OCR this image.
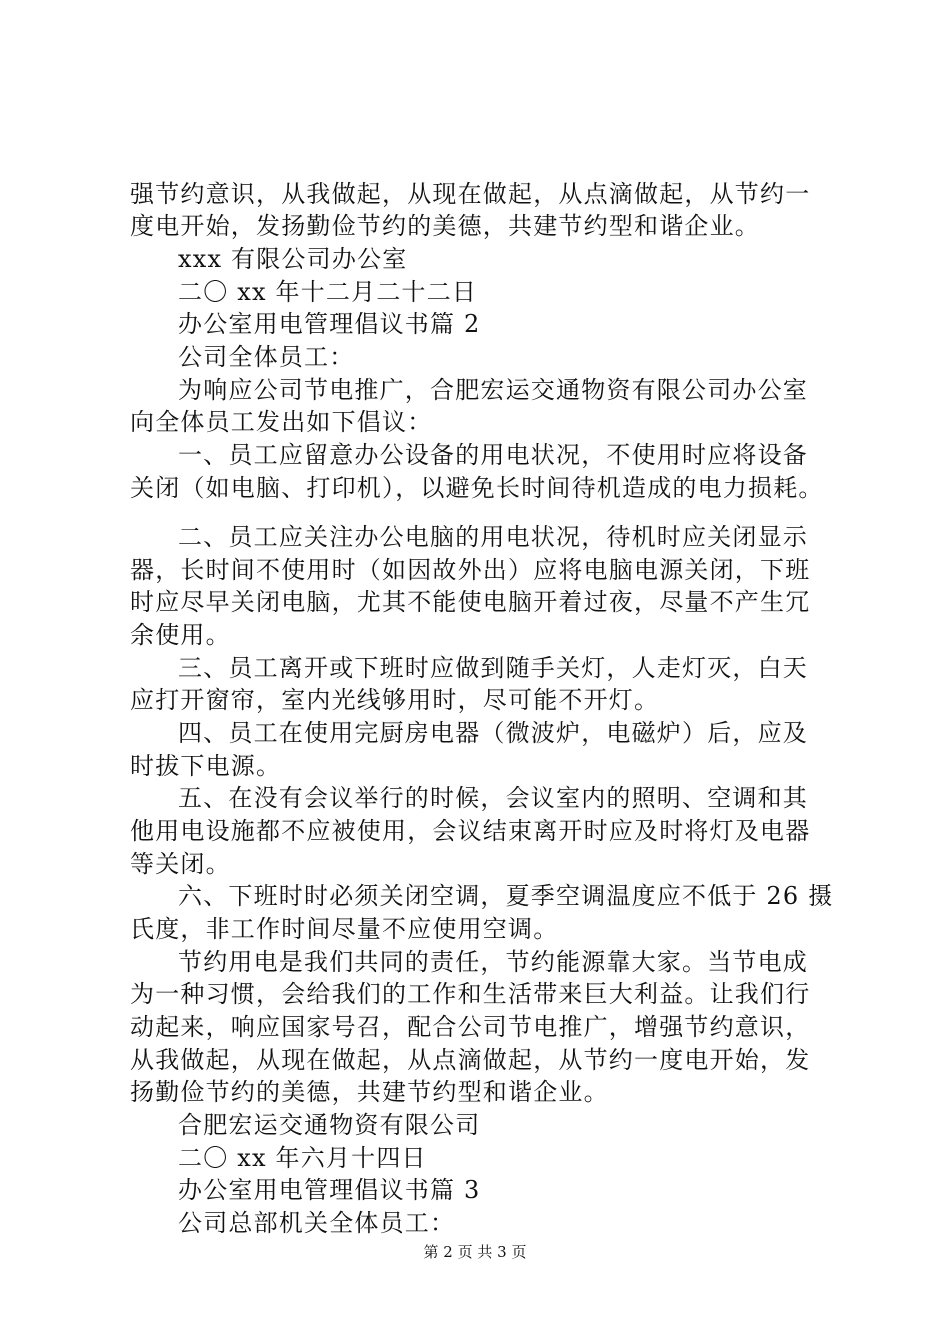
强节约意识，从我做起，从现在做起，从点滴做起，从节约一
度电开始，发扬勤俭节约的美德，共建节约型和谐企业。
xxx 有限公司办公室
二〇 xx 年十二月二十二日
办公室用电管理倡议书篇 2
公司全体员工：
为响应公司节电推广，合肥宏运交通物资有限公司办公室
向全体员工发出如下倡议：
一、员工应留意办公设备的用电状况，不使用时应将设备
关闭（如电脑、打印机），以避免长时间待机造成的电力损耗。
二、员工应关注办公电脑的用电状况，待机时应关闭显示
器，长时间不使用时（如因故外出）应将电脑电源关闭，下班
时应尽早关闭电脑，尤其不能使电脑开着过夜，尽量不产生冗
余使用。
三、员工离开或下班时应做到随手关灯，人走灯灭，白天
应打开窗帘，室内光线够用时，尽可能不开灯。
四、员工在使用完厨房电器（微波炉，电磁炉）后，应及
时拔下电源。
五、在没有会议举行的时候，会议室内的照明、空调和其
他用电设施都不应被使用，会议结束离开时应及时将灯及电器
等关闭。
六、下班时时必须关闭空调，夏季空调温度应不低于 26 摄
氏度，非工作时间尽量不应使用空调。
节约用电是我们共同的责任，节约能源靠大家。当节电成
为一种习惯，会给我们的工作和生活带来巨大利益。让我们行
动起来，响应国家号召，配合公司节电推广，增强节约意识，
从我做起，从现在做起，从点滴做起，从节约一度电开始，发
扬勤俭节约的美德，共建节约型和谐企业。
合肥宏运交通物资有限公司
二〇 xx 年六月十四日
办公室用电管理倡议书篇 3
公司总部机关全体员工：
第 2 页 共 3 页
